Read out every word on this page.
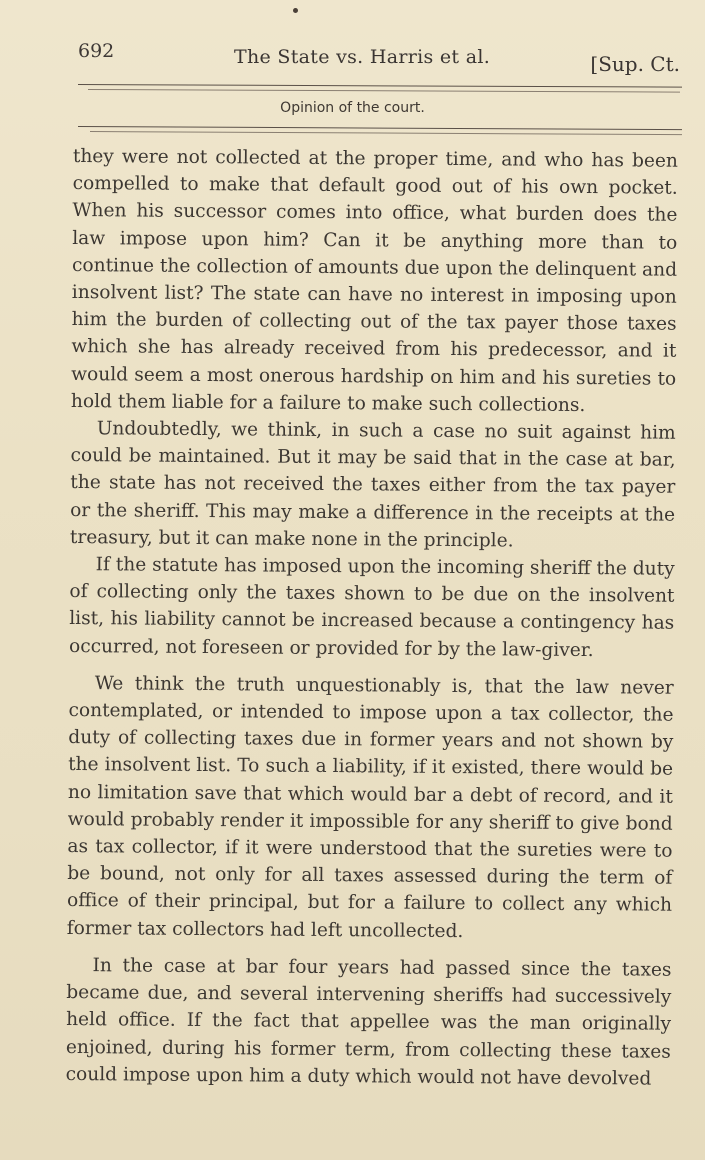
692	The State vs. Harris et al.	[Sup. Ct.
Opinion of the court.

they were not collected at the proper time, and who has been compelled to make that default good out of his own pocket. When his successor comes into office, what burden does the law impose upon him? Can it be anything more than to continue the collection of amounts due upon the delinquent and insolvent list? The state can have no interest in imposing upon him the burden of collecting out of the tax payer those taxes which she has already received from his predecessor, and it would seem a most onerous hardship on him and his sureties to hold them liable for a failure to make such collections.

Undoubtedly, we think, in such a case no suit against him could be maintained. But it may be said that in the case at bar, the state has not received the taxes either from the tax payer or the sheriff. This may make a difference in the receipts at the treasury, but it can make none in the principle.

If the statute has imposed upon the incoming sheriff the duty of collecting only the taxes shown to be due on the insolvent list, his liability cannot be increased because a contingency has occurred, not foreseen or provided for by the law-giver.

We think the truth unquestionably is, that the law never contemplated, or intended to impose upon a tax collector, the duty of collecting taxes due in former years and not shown by the insolvent list. To such a liability, if it existed, there would be no limitation save that which would bar a debt of record, and it would probably render it impossible for any sheriff to give bond as tax collector, if it were understood that the sureties were to be bound, not only for all taxes assessed during the term of office of their principal, but for a failure to collect any which former tax collectors had left uncollected.

In the case at bar four years had passed since the taxes became due, and several intervening sheriffs had successively held office. If the fact that appellee was the man originally enjoined, during his former term, from collecting these taxes could impose upon him a duty which would not have devolved
